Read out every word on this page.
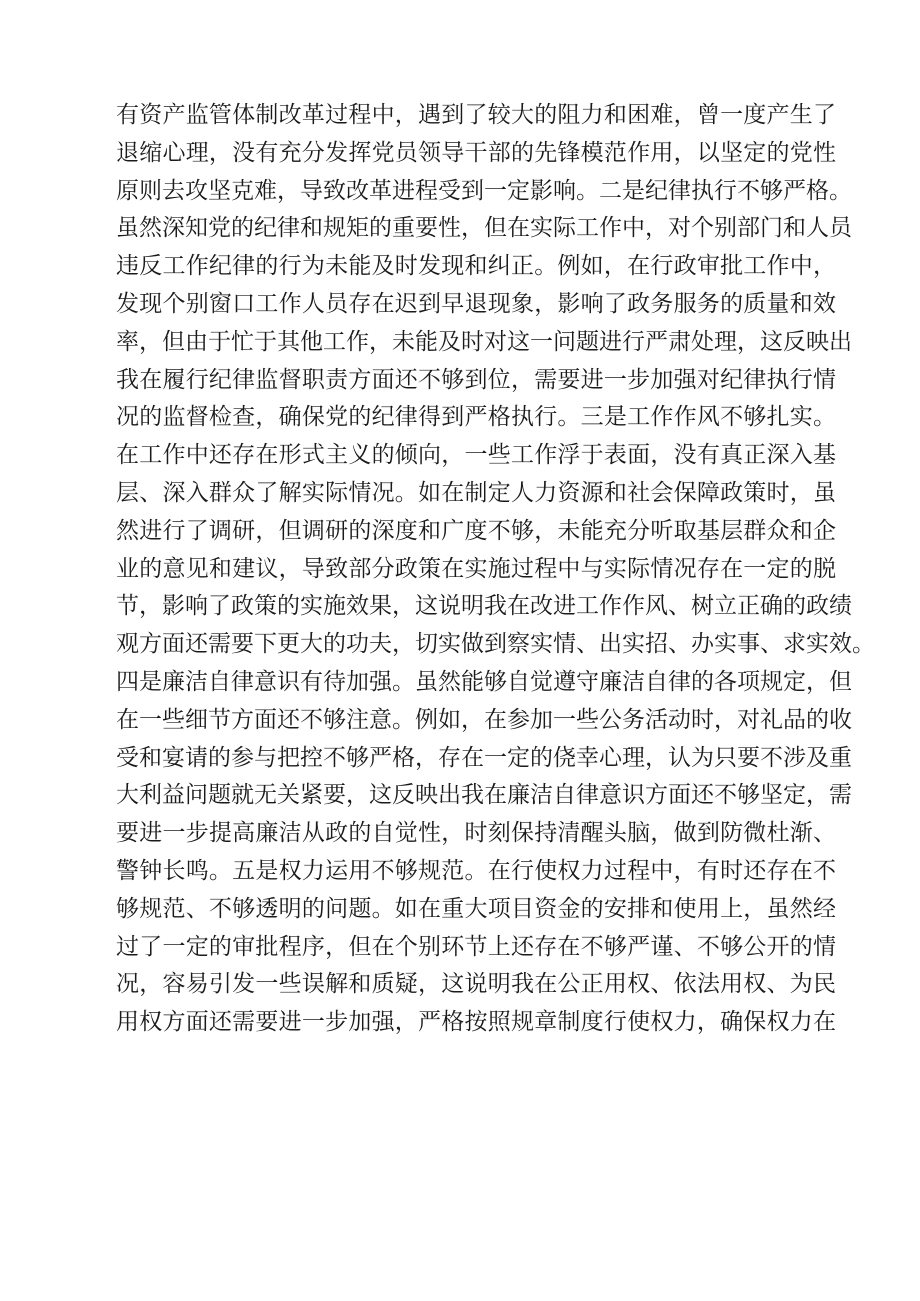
有资产监管体制改革过程中，遇到了较大的阻力和困难，曾一度产生了
退缩心理，没有充分发挥党员领导干部的先锋模范作用，以坚定的党性
原则去攻坚克难，导致改革进程受到一定影响。二是纪律执行不够严格。
虽然深知党的纪律和规矩的重要性，但在实际工作中，对个别部门和人员
违反工作纪律的行为未能及时发现和纠正。例如，在行政审批工作中，
发现个别窗口工作人员存在迟到早退现象，影响了政务服务的质量和效
率，但由于忙于其他工作，未能及时对这一问题进行严肃处理，这反映出
我在履行纪律监督职责方面还不够到位，需要进一步加强对纪律执行情
况的监督检查，确保党的纪律得到严格执行。三是工作作风不够扎实。
在工作中还存在形式主义的倾向，一些工作浮于表面，没有真正深入基
层、深入群众了解实际情况。如在制定人力资源和社会保障政策时，虽
然进行了调研，但调研的深度和广度不够，未能充分听取基层群众和企
业的意见和建议，导致部分政策在实施过程中与实际情况存在一定的脱
节，影响了政策的实施效果，这说明我在改进工作作风、树立正确的政绩
观方面还需要下更大的功夫，切实做到察实情、出实招、办实事、求实效。
四是廉洁自律意识有待加强。虽然能够自觉遵守廉洁自律的各项规定，但
在一些细节方面还不够注意。例如，在参加一些公务活动时，对礼品的收
受和宴请的参与把控不够严格，存在一定的侥幸心理，认为只要不涉及重
大利益问题就无关紧要，这反映出我在廉洁自律意识方面还不够坚定，需
要进一步提高廉洁从政的自觉性，时刻保持清醒头脑，做到防微杜渐、
警钟长鸣。五是权力运用不够规范。在行使权力过程中，有时还存在不
够规范、不够透明的问题。如在重大项目资金的安排和使用上，虽然经
过了一定的审批程序，但在个别环节上还存在不够严谨、不够公开的情
况，容易引发一些误解和质疑，这说明我在公正用权、依法用权、为民
用权方面还需要进一步加强，严格按照规章制度行使权力，确保权力在
